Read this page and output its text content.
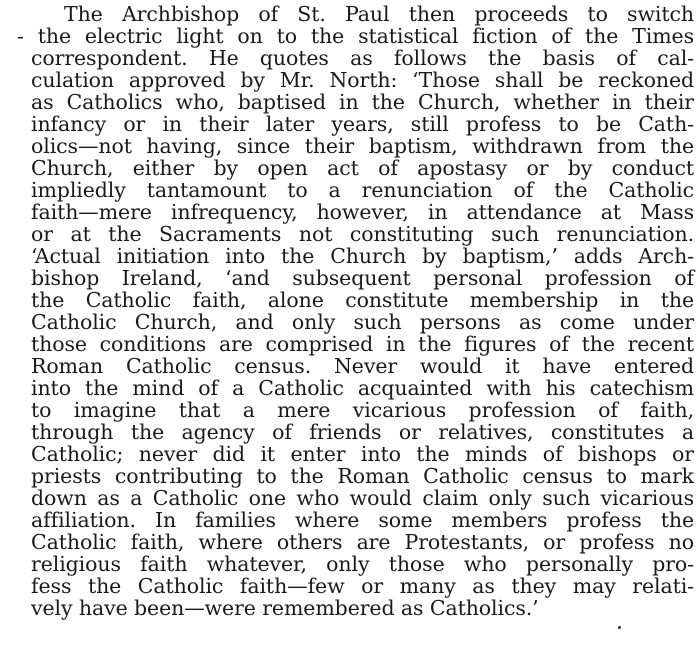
The Archbishop of St. Paul then proceeds to switch
- the electric light on to the statistical fiction of the Times
correspondent. He quotes as follows the basis of cal-
culation approved by Mr. North: ‘Those shall be reckoned
as Catholics who, baptised in the Church, whether in their
infancy or in their later years, still profess to be Cath-
olics—not having, since their baptism, withdrawn from the
Church, either by open act of apostasy or by conduct
impliedly tantamount to a renunciation of the Catholic
faith—mere infrequency, however, in attendance at Mass
or at the Sacraments not constituting such renunciation.
‘Actual initiation into the Church by baptism,’ adds Arch-
bishop Ireland, ‘and subsequent personal profession of
the Catholic faith, alone constitute membership in the
Catholic Church, and only such persons as come under
those conditions are comprised in the figures of the recent
Roman Catholic census. Never would it have entered
into the mind of a Catholic acquainted with his catechism
to imagine that a mere vicarious profession of faith,
through the agency of friends or relatives, constitutes a
Catholic; never did it enter into the minds of bishops or
priests contributing to the Roman Catholic census to mark
down as a Catholic one who would claim only such vicarious
affiliation. In families where some members profess the
Catholic faith, where others are Protestants, or profess no
religious faith whatever, only those who personally pro-
fess the Catholic faith—few or many as they may relati-
vely have been—were remembered as Catholics.’
